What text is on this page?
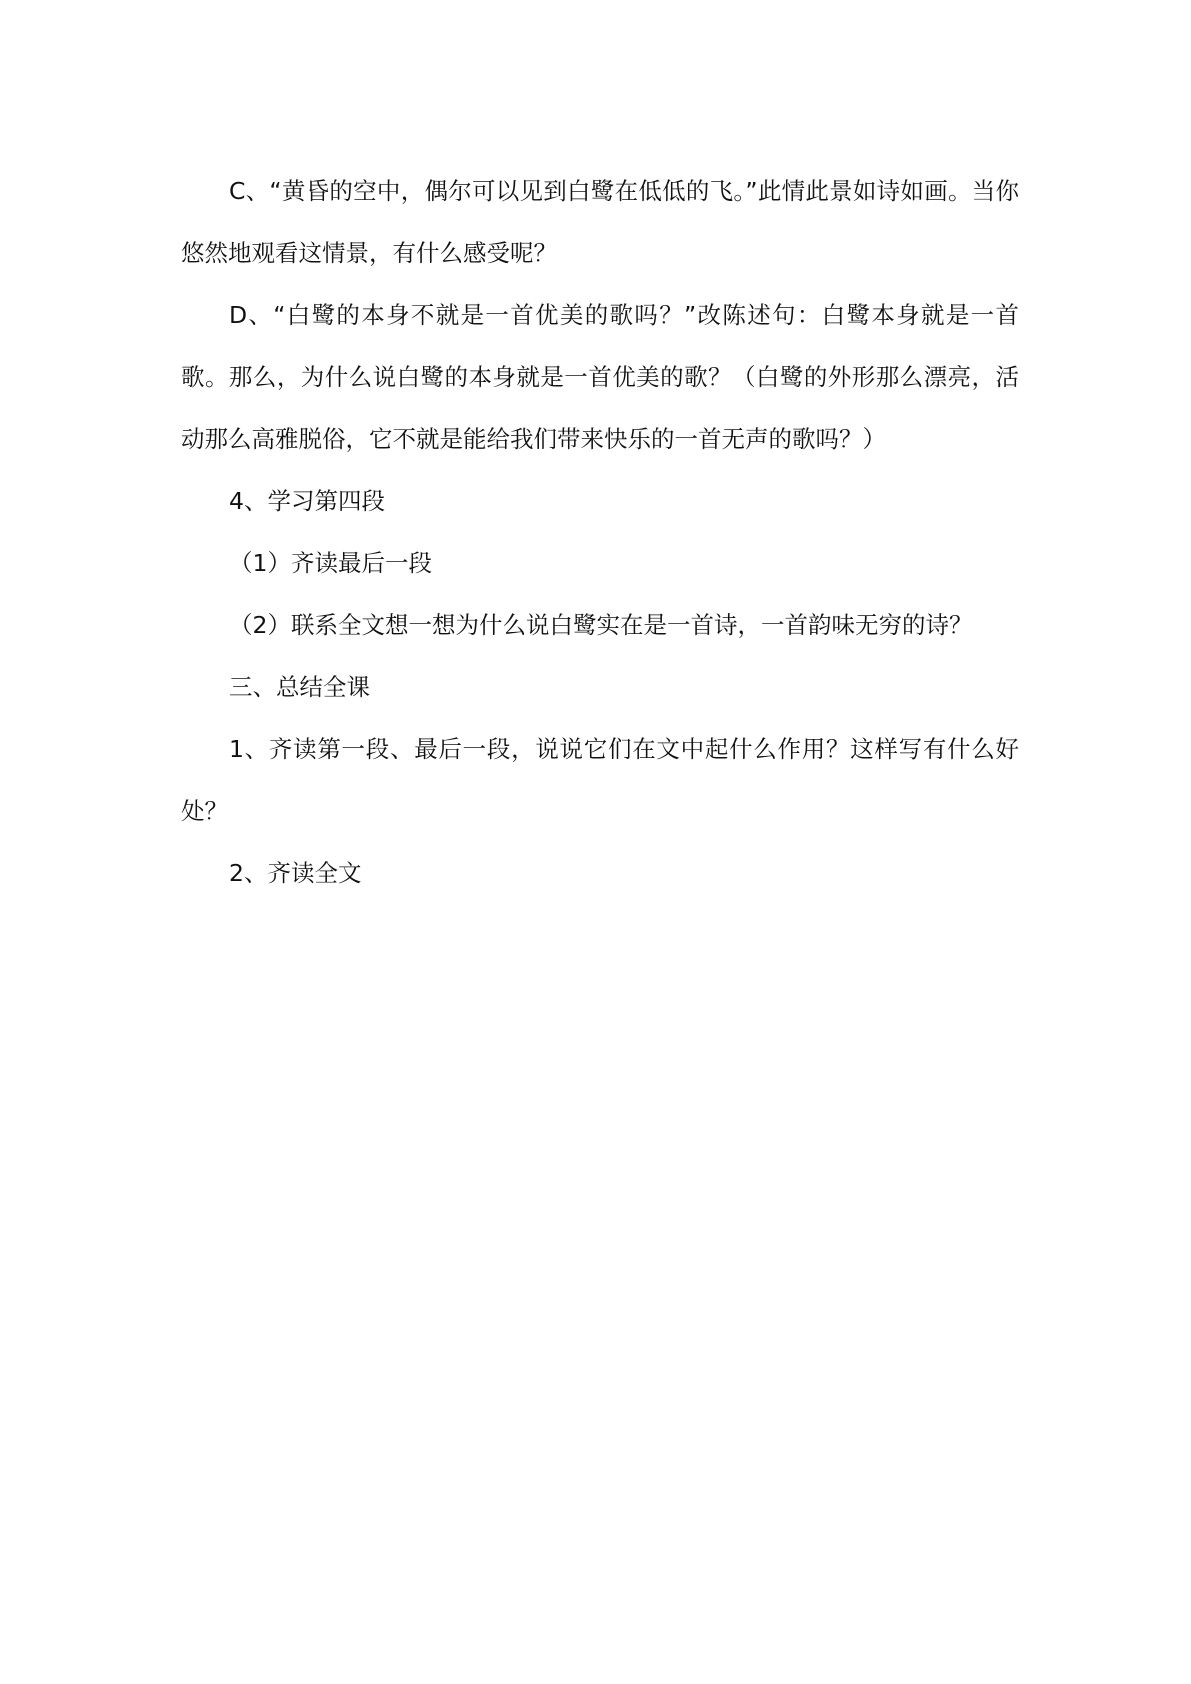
C、“黄昏的空中，偶尔可以见到白鹭在低低的飞。”此情此景如诗如画。当你悠然地观看这情景，有什么感受呢？

D、“白鹭的本身不就是一首优美的歌吗？”改陈述句：白鹭本身就是一首歌。那么，为什么说白鹭的本身就是一首优美的歌？（白鹭的外形那么漂亮，活动那么高雅脱俗，它不就是能给我们带来快乐的一首无声的歌吗？）

4、学习第四段

（1）齐读最后一段

（2）联系全文想一想为什么说白鹭实在是一首诗，一首韵味无穷的诗？

三、总结全课

1、齐读第一段、最后一段，说说它们在文中起什么作用？这样写有什么好处？

2、齐读全文
